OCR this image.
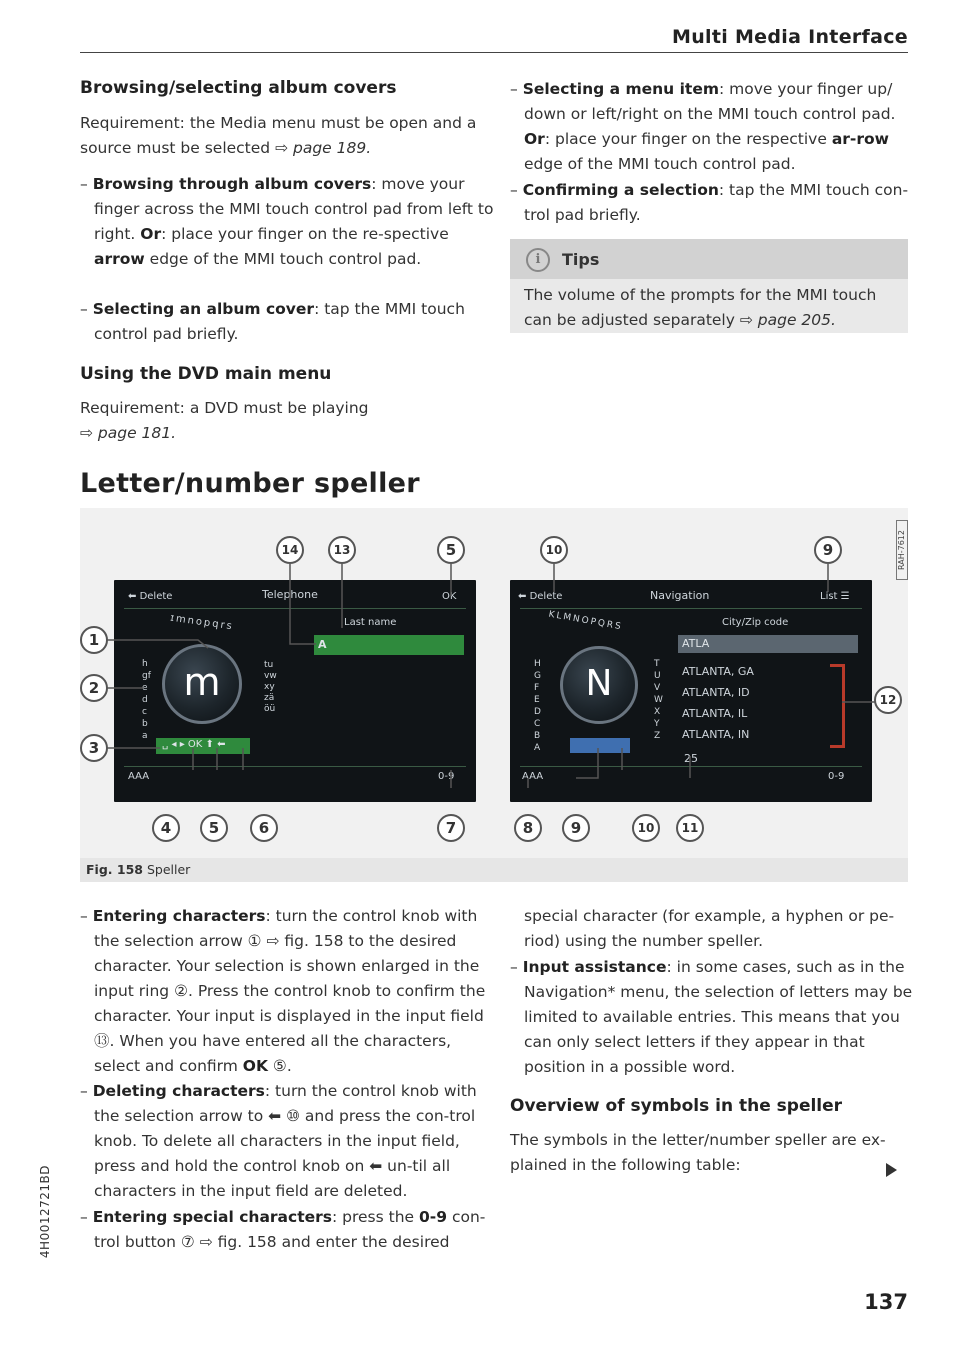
Multi Media Interface
Browsing/selecting album covers
Requirement: the Media menu must be open and a source must be selected ⇨ page 189.
– Browsing through album covers: move your finger across the MMI touch control pad from left to right. Or: place your finger on the re-spective arrow edge of the MMI touch control pad.
– Selecting an album cover: tap the MMI touch control pad briefly.
Using the DVD main menu
Requirement: a DVD must be playing
⇨ page 181.
– Selecting a menu item: move your finger up/ down or left/right on the MMI touch control pad. Or: place your finger on the respective ar-row edge of the MMI touch control pad.
– Confirming a selection: tap the MMI touch con-trol pad briefly.
i	Tips
The volume of the prompts for the MMI touch can be adjusted separately ⇨ page 205.
Letter/number speller
RAH-7612
⬅ Delete	Telephone	OK
Last name
A
ɪmnopqrs
tuvwxyzäöü
hgfedcba
m
␣ ◂ ▸ OK ⬆ ⬅
AAA	0-9
⬅ Delete	Navigation	List ☰
City/Zip code
ATLA
ATLANTA, GA
ATLANTA, ID
ATLANTA, IL
ATLANTA, IN
25
KLMNOPQRS
TUVWXYZ
HGFEDCBA
N
AAA	0-9
1
2
3
4	5	6	7
14	13	5	10	9
12
8	9	10	11
Fig. 158 Speller
– Entering characters: turn the control knob with the selection arrow ① ⇨ fig. 158 to the desired character. Your selection is shown enlarged in the input ring ②. Press the control knob to confirm the character. Your input is displayed in the input field ⑬. When you have entered all the characters, select and confirm OK ⑤.
– Deleting characters: turn the control knob with the selection arrow to ⬅ ⑩ and press the con-trol knob. To delete all characters in the input field, press and hold the control knob on ⬅ un-til all characters in the input field are deleted.
– Entering special characters: press the 0-9 con-trol button ⑦ ⇨ fig. 158 and enter the desired
special character (for example, a hyphen or pe-riod) using the number speller.
– Input assistance: in some cases, such as in the Navigation* menu, the selection of letters may be limited to available entries. This means that you can only select letters if they appear in that position in a possible word.
Overview of symbols in the speller
The symbols in the letter/number speller are ex-plained in the following table:
4H0012721BD
137
